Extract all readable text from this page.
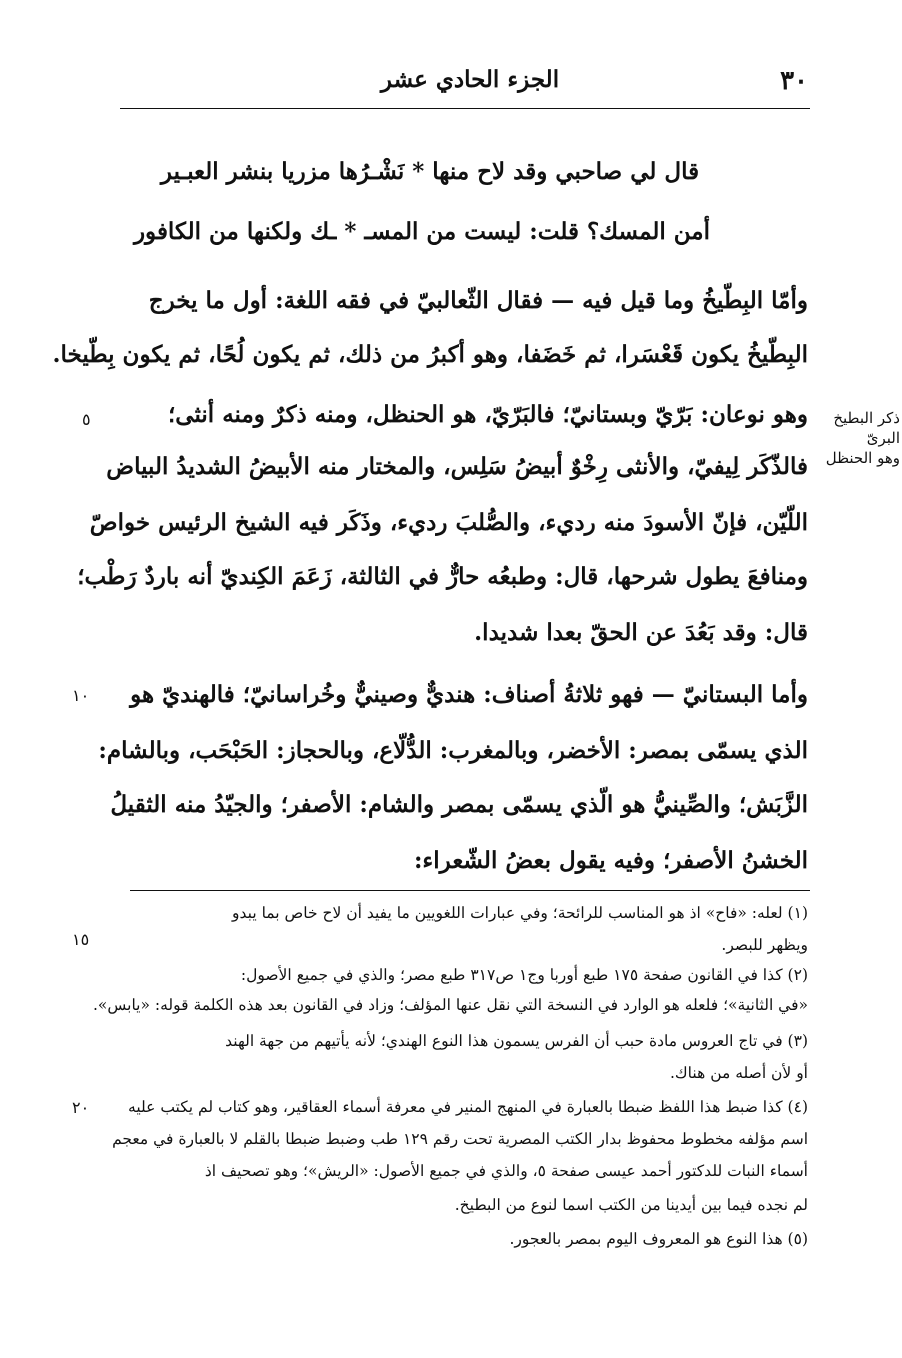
٣٠
الجزء الحادي عشر
قال لي صاحبي وقد لاح منها * نَشْـرُها مزريا بنشر العبـير
أمن المسك؟ قلت: ليست من المسـ * ـك ولكنها من الكافور
وأمّا البِطّيخُ وما قيل فيه — فقال الثّعالبيّ في فقه اللغة: أول ما يخرج
البِطّيخُ يكون قَعْسَرا، ثم خَضَفا، وهو أكبرُ من ذلك، ثم يكون لُحًا، ثم يكون بِطّيخا.
وهو نوعان: بَرّيّ وبستانيّ؛ فالبَرّيّ، هو الحنظل، ومنه ذكرٌ ومنه أنثى؛
فالذّكَر لِيفيّ، والأنثى رِخْوٌ أبيضُ سَلِس، والمختار منه الأبيضُ الشديدُ البياض
اللّيّن، فإنّ الأسودَ منه رديء، والصُّلبَ رديء، وذَكَر فيه الشيخ الرئيس خواصّ
ومنافعَ يطول شرحها، قال: وطبعُه حارٌّ في الثالثة، زَعَمَ الكِنديّ أنه باردٌ رَطْب؛
قال: وقد بَعُدَ عن الحقّ بعدا شديدا.
وأما البستانيّ — فهو ثلاثةُ أصناف: هنديٌّ وصينيٌّ وخُراسانيّ؛ فالهنديّ هو
الذي يسمّى بمصر: الأخضر، وبالمغرب: الدُّلّاع، وبالحجاز: الحَبْحَب، وبالشام:
الزَّبَش؛ والصِّينيُّ هو الّذي يسمّى بمصر والشام: الأصفر؛ والجيّدُ منه الثقيلُ
الخشنُ الأصفر؛ وفيه يقول بعضُ الشّعراء:
ذكر البطيخ البرىّ
وهو الحنظل
٥
١٠
١٥
٢٠
(١) لعله: «فاح» اذ هو المناسب للرائحة؛ وفي عبارات اللغويين ما يفيد أن لاح خاص بما يبدو
ويظهر للبصر.
(٢) كذا في القانون صفحة ١٧٥ طبع أوربا وج١ ص٣١٧ طبع مصر؛ والذي في جميع الأصول:
«في الثانية»؛ فلعله هو الوارد في النسخة التي نقل عنها المؤلف؛ وزاد في القانون بعد هذه الكلمة قوله: «يابس».
(٣) في تاج العروس مادة حبب أن الفرس يسمون هذا النوع الهندي؛ لأنه يأتيهم من جهة الهند
أو لأن أصله من هناك.
(٤) كذا ضبط هذا اللفظ ضبطا بالعبارة في المنهج المنير في معرفة أسماء العقاقير، وهو كتاب لم يكتب عليه
اسم مؤلفه مخطوط محفوظ بدار الكتب المصرية تحت رقم ١٢٩ طب وضبط ضبطا بالقلم لا بالعبارة في معجم
أسماء النبات للدكتور أحمد عيسى صفحة ٥، والذي في جميع الأصول: «الريش»؛ وهو تصحيف اذ
لم نجده فيما بين أيدينا من الكتب اسما لنوع من البطيخ.
(٥) هذا النوع هو المعروف اليوم بمصر بالعجور.
